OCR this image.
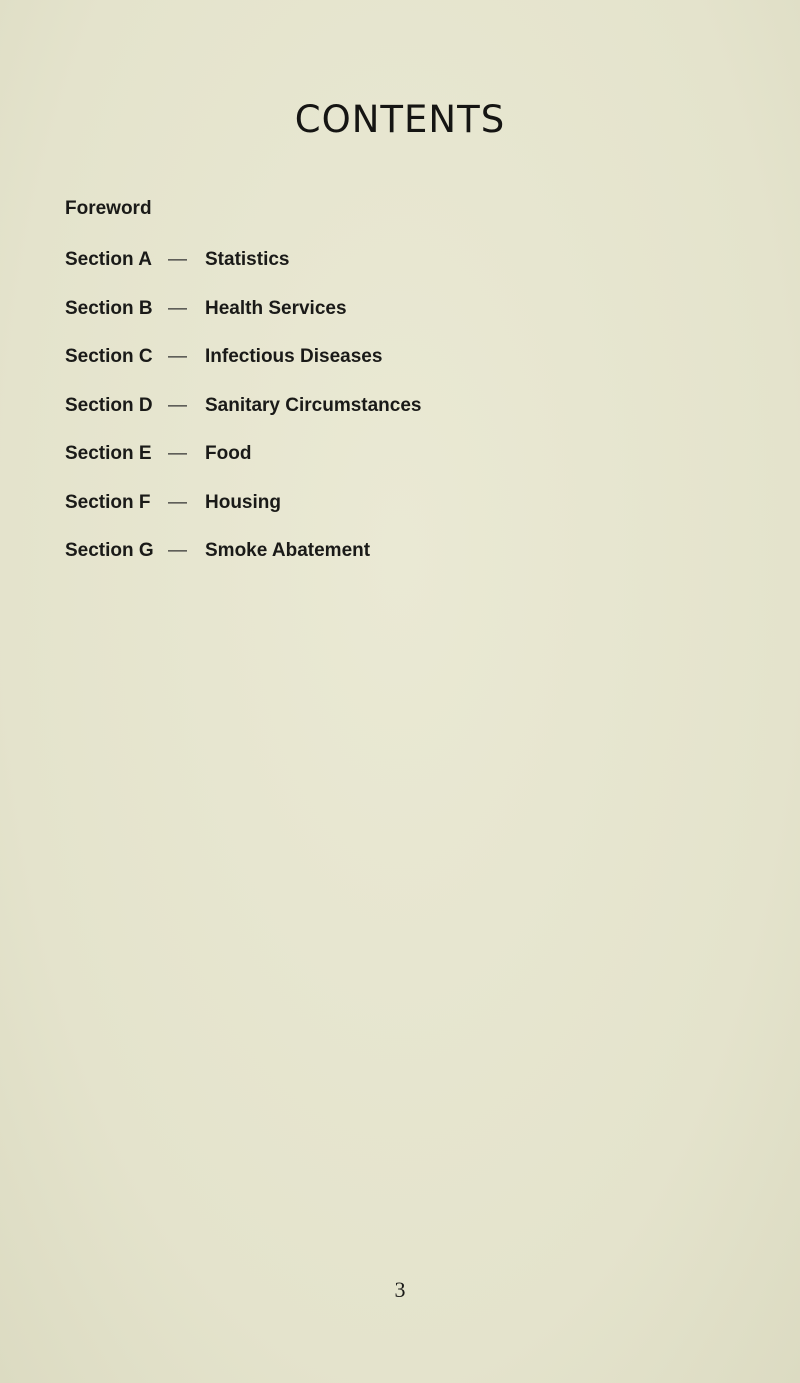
CONTENTS
Foreword
Section A — Statistics
Section B — Health Services
Section C — Infectious Diseases
Section D — Sanitary Circumstances
Section E — Food
Section F — Housing
Section G — Smoke Abatement
3
